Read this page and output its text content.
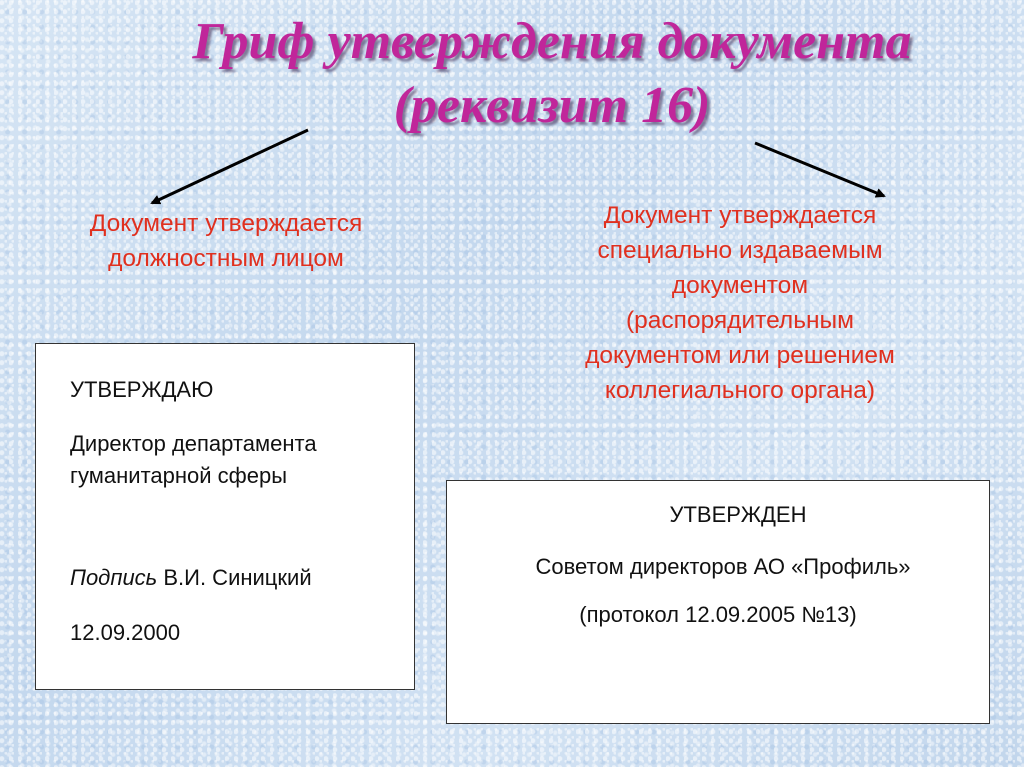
Гриф утверждения документа
(реквизит 16)
Документ утверждается
должностным лицом
Документ утверждается
специально издаваемым
документом
(распорядительным
документом или решением
коллегиального органа)
УТВЕРЖДАЮ
Директор департамента
гуманитарной сферы
Подпись В.И. Синицкий
12.09.2000
УТВЕРЖДЕН
Советом директоров АО «Профиль»
(протокол 12.09.2005 №13)
